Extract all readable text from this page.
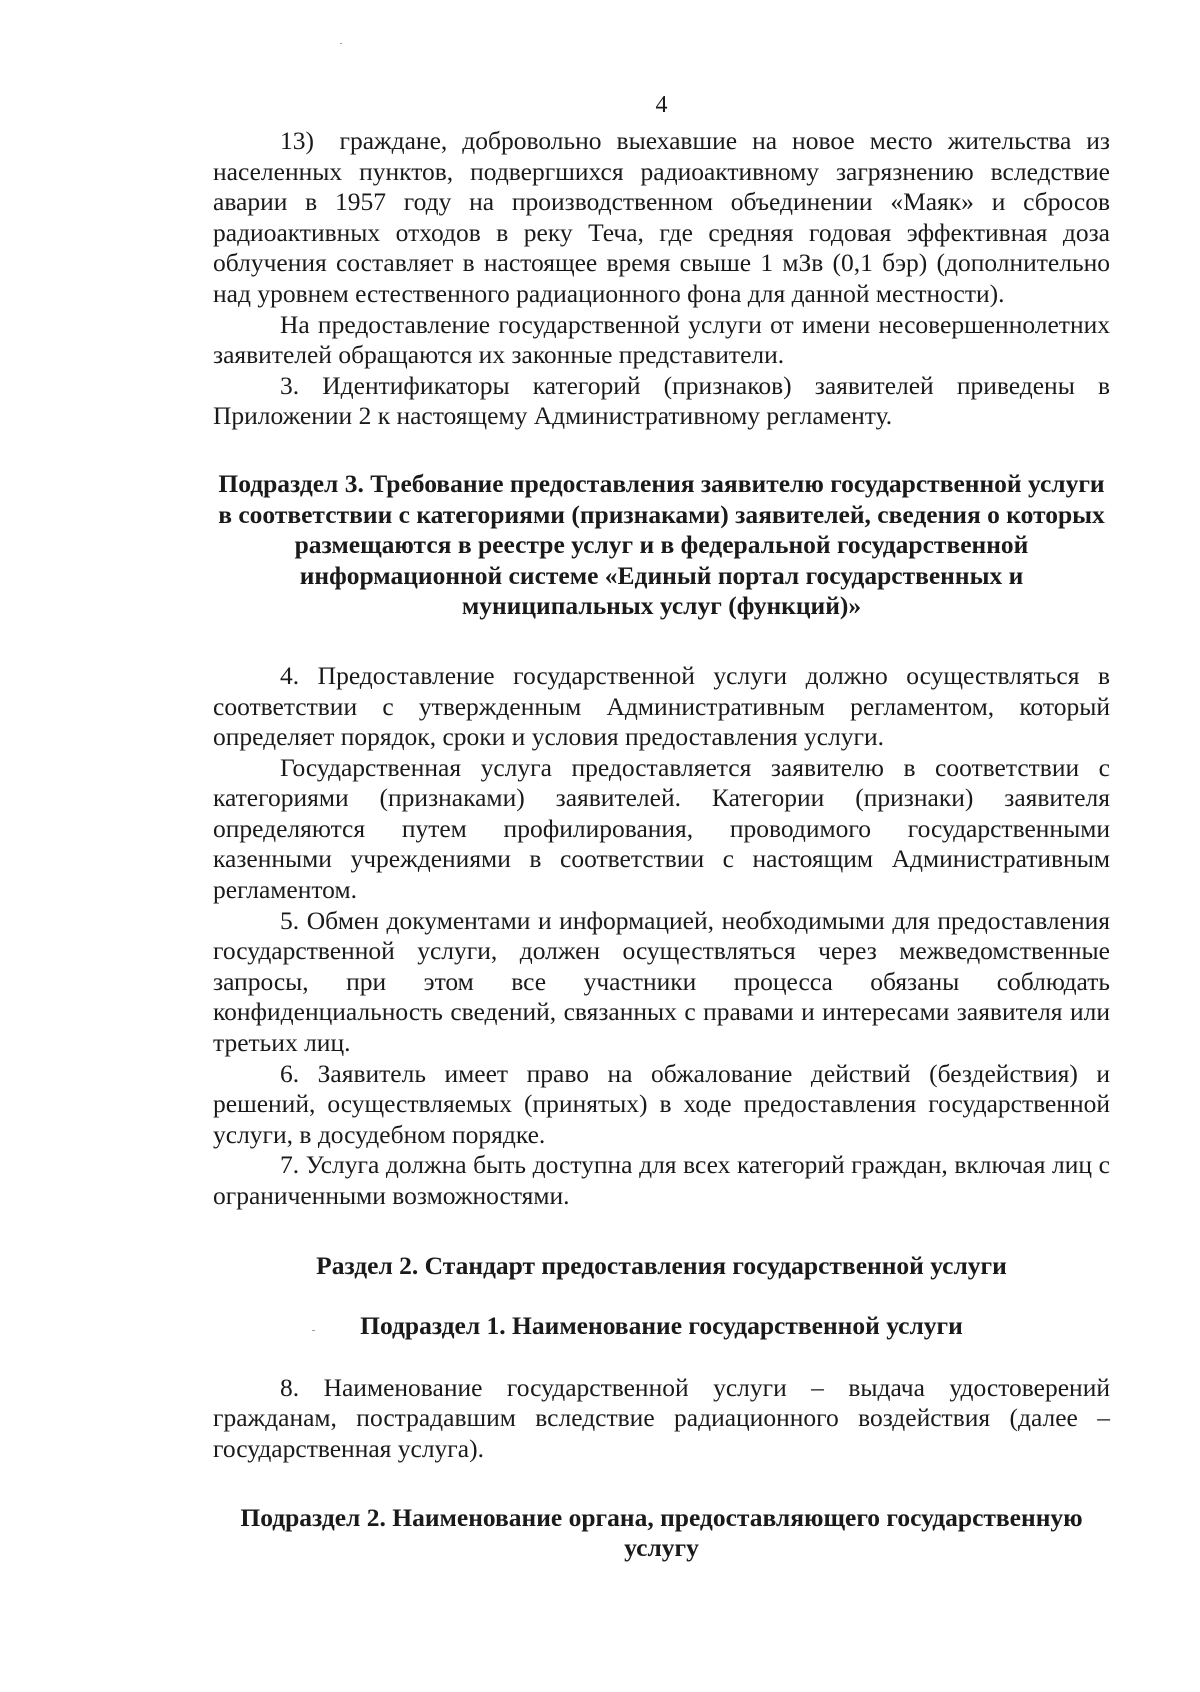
4

13) граждане, добровольно выехавшие на новое место жительства из населенных пунктов, подвергшихся радиоактивному загрязнению вследствие аварии в 1957 году на производственном объединении «Маяк» и сбросов радиоактивных отходов в реку Теча, где средняя годовая эффективная доза облучения составляет в настоящее время свыше 1 мЗв (0,1 бэр) (дополнительно над уровнем естественного радиационного фона для данной местности).

На предоставление государственной услуги от имени несовершеннолетних заявителей обращаются их законные представители.

3. Идентификаторы категорий (признаков) заявителей приведены в Приложении 2 к настоящему Административному регламенту.

Подраздел 3. Требование предоставления заявителю государственной услуги в соответствии с категориями (признаками) заявителей, сведения о которых размещаются в реестре услуг и в федеральной государственной информационной системе «Единый портал государственных и муниципальных услуг (функций)»

4. Предоставление государственной услуги должно осуществляться в соответствии с утвержденным Административным регламентом, который определяет порядок, сроки и условия предоставления услуги.

Государственная услуга предоставляется заявителю в соответствии с категориями (признаками) заявителей. Категории (признаки) заявителя определяются путем профилирования, проводимого государственными казенными учреждениями в соответствии с настоящим Административным регламентом.

5. Обмен документами и информацией, необходимыми для предоставления государственной услуги, должен осуществляться через межведомственные запросы, при этом все участники процесса обязаны соблюдать конфиденциальность сведений, связанных с правами и интересами заявителя или третьих лиц.

6. Заявитель имеет право на обжалование действий (бездействия) и решений, осуществляемых (принятых) в ходе предоставления государственной услуги, в досудебном порядке.

7. Услуга должна быть доступна для всех категорий граждан, включая лиц с ограниченными возможностями.

Раздел 2. Стандарт предоставления государственной услуги

Подраздел 1. Наименование государственной услуги

8. Наименование государственной услуги – выдача удостоверений гражданам, пострадавшим вследствие радиационного воздействия (далее – государственная услуга).

Подраздел 2. Наименование органа, предоставляющего государственную услугу
